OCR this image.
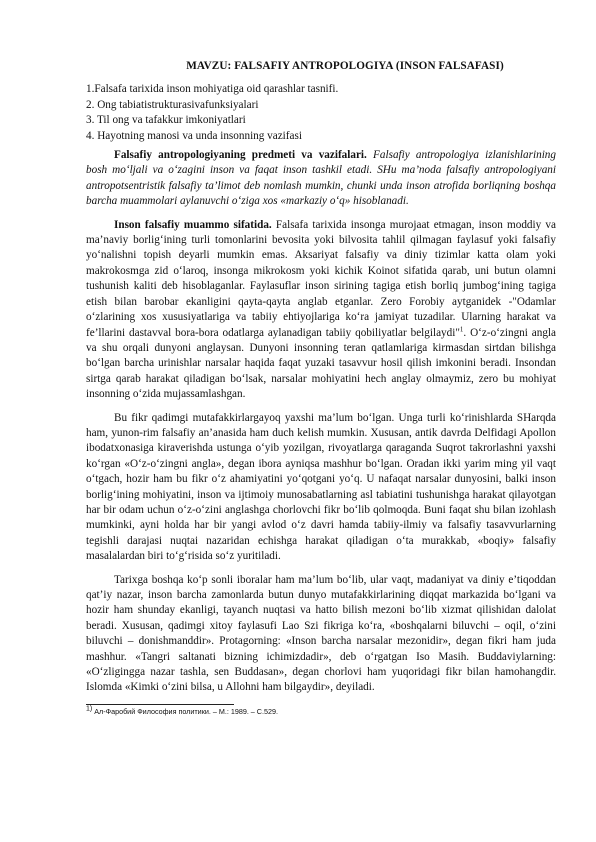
MAVZU: FALSAFIY ANTROPOLOGIYA (INSON FALSAFASI)
1.Falsafa tarixida inson mohiyatiga oid qarashlar tasnifi.
2. Ong tabiatistrukturasivafunksiyalari
3. Til ong va tafakkur imkoniyatlari
4. Hayotning manosi va unda insonning vazifasi

Falsafiy antropologiyaning predmeti va vazifalari. Falsafiy antropologiya izlanishlarining bosh mo‘ljali va o‘zagini inson va faqat inson tashkil etadi. SHu ma’noda falsafiy antropologiyani antropotsentristik falsafiy ta’limot deb nomlash mumkin, chunki unda inson atrofida borliqning boshqa barcha muammolari aylanuvchi o‘ziga xos «markaziy o‘q» hisoblanadi.

Inson falsafiy muammo sifatida. Falsafa tarixida insonga murojaat etmagan, inson moddiy va ma’naviy borlig‘ining turli tomonlarini bevosita yoki bilvosita tahlil qilmagan faylasuf yoki falsafiy yo‘nalishni topish deyarli mumkin emas. Aksariyat falsafiy va diniy tizimlar katta olam yoki makrokosmga zid o‘laroq, insonga mikrokosm yoki kichik Koinot sifatida qarab, uni butun olamni tushunish kaliti deb hisoblaganlar. Faylasuflar inson sirining tagiga etish borliq jumbog‘ining tagiga etish bilan barobar ekanligini qayta-qayta anglab etganlar. Zero Forobiy aytganidek -"Odamlar o‘zlarining xos xususiyatlariga va tabiiy ehtiyojlariga ko‘ra jamiyat tuzadilar. Ularning harakat va fe’llarini dastavval bora-bora odatlarga aylanadigan tabiiy qobiliyatlar belgilaydi"$^1$. O‘z-o‘zingni angla va shu orqali dunyoni anglaysan. Dunyoni insonning teran qatlamlariga kirmasdan sirtdan bilishga bo‘lgan barcha urinishlar narsalar haqida faqat yuzaki tasavvur hosil qilish imkonini beradi. Insondan sirtga qarab harakat qiladigan bo‘lsak, narsalar mohiyatini hech anglay olmaymiz, zero bu mohiyat insonning o‘zida mujassamlashgan.

Bu fikr qadimgi mutafakkirlargayoq yaxshi ma’lum bo‘lgan. Unga turli ko‘rinishlarda SHarqda ham, yunon-rim falsafiy an’anasida ham duch kelish mumkin. Xususan, antik davrda Delfidagi Apollon ibodatxonasiga kiraverishda ustunga o‘yib yozilgan, rivoyatlarga qaraganda Suqrot takrorlashni yaxshi ko‘rgan «O‘z-o‘zingni angla», degan ibora ayniqsa mashhur bo‘lgan. Oradan ikki yarim ming yil vaqt o‘tgach, hozir ham bu fikr o‘z ahamiyatini yo‘qotgani yo‘q. U nafaqat narsalar dunyosini, balki inson borlig‘ining mohiyatini, inson va ijtimoiy munosabatlarning asl tabiatini tushunishga harakat qilayotgan har bir odam uchun o‘z-o‘zini anglashga chorlovchi fikr bo‘lib qolmoqda. Buni faqat shu bilan izohlash mumkinki, ayni holda har bir yangi avlod o‘z davri hamda tabiiy-ilmiy va falsafiy tasavvurlarning tegishli darajasi nuqtai nazaridan echishga harakat qiladigan o‘ta murakkab, «boqiy» falsafiy masalalardan biri to‘g‘risida so‘z yuritiladi.

Tarixga boshqa ko‘p sonli iboralar ham ma’lum bo‘lib, ular vaqt, madaniyat va diniy e’tiqoddan qat’iy nazar, inson barcha zamonlarda butun dunyo mutafakkirlarining diqqat markazida bo‘lgani va hozir ham shunday ekanligi, tayanch nuqtasi va hatto bilish mezoni bo‘lib xizmat qilishidan dalolat beradi. Xususan, qadimgi xitoy faylasufi Lao Szi fikriga ko‘ra, «boshqalarni biluvchi – oqil, o‘zini biluvchi – donishmanddir». Protagorning: «Inson barcha narsalar mezonidir», degan fikri ham juda mashhur. «Tangri saltanati bizning ichimizdadir», deb o‘rgatgan Iso Masih. Buddaviylarning: «O‘zligingga nazar tashla, sen Buddasan», degan chorlovi ham yuqoridagi fikr bilan hamohangdir. Islomda «Kimki o‘zini bilsa, u Allohni ham bilgaydir», deyiladi.

$^{1)}$ Ал-Фаробий Философия политики. – М.: 1989. – С.529.
